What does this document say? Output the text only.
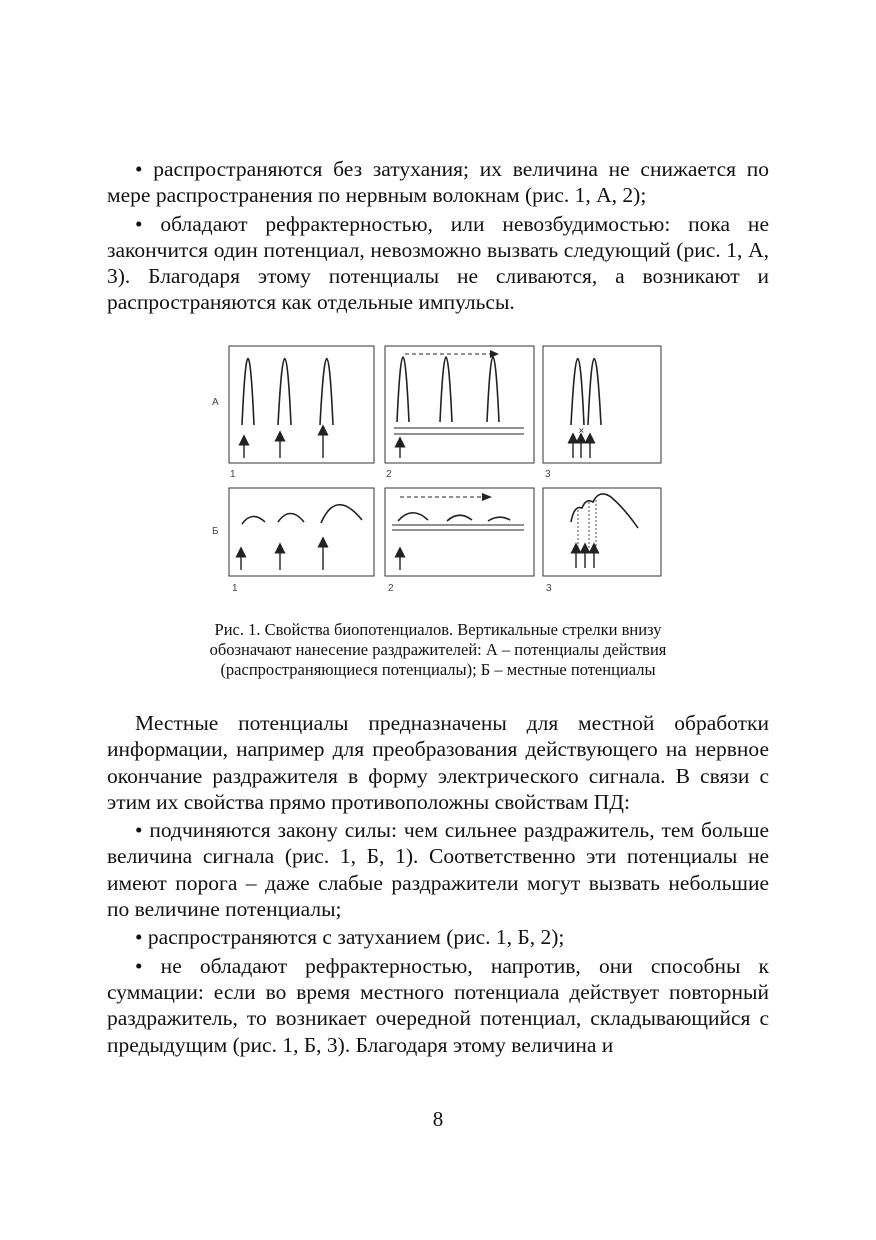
• распространяются без затухания; их величина не снижается по мере распространения по нервным волокнам (рис. 1, А, 2);

• обладают рефрактерностью, или невозбудимостью: пока не закончится один потенциал, невозможно вызвать следующий (рис. 1, А, 3). Благодаря этому потенциалы не сливаются, а возникают и распространяются как отдельные импульсы.

А
Б
1	2	3
1	2	3
×
Рис. 1. Свойства биопотенциалов. Вертикальные стрелки внизу
обозначают нанесение раздражителей: А – потенциалы действия
(распространяющиеся потенциалы); Б – местные потенциалы

Местные потенциалы предназначены для местной обработки информации, например для преобразования действующего на нервное окончание раздражителя в форму электрического сигнала. В связи с этим их свойства прямо противоположны свойствам ПД:

• подчиняются закону силы: чем сильнее раздражитель, тем больше величина сигнала (рис. 1, Б, 1). Соответственно эти потенциалы не имеют порога – даже слабые раздражители могут вызвать небольшие по величине потенциалы;

• распространяются с затуханием (рис. 1, Б, 2);

• не обладают рефрактерностью, напротив, они способны к суммации: если во время местного потенциала действует повторный раздражитель, то возникает очередной потенциал, складывающийся с предыдущим (рис. 1, Б, 3). Благодаря этому величина и

8
